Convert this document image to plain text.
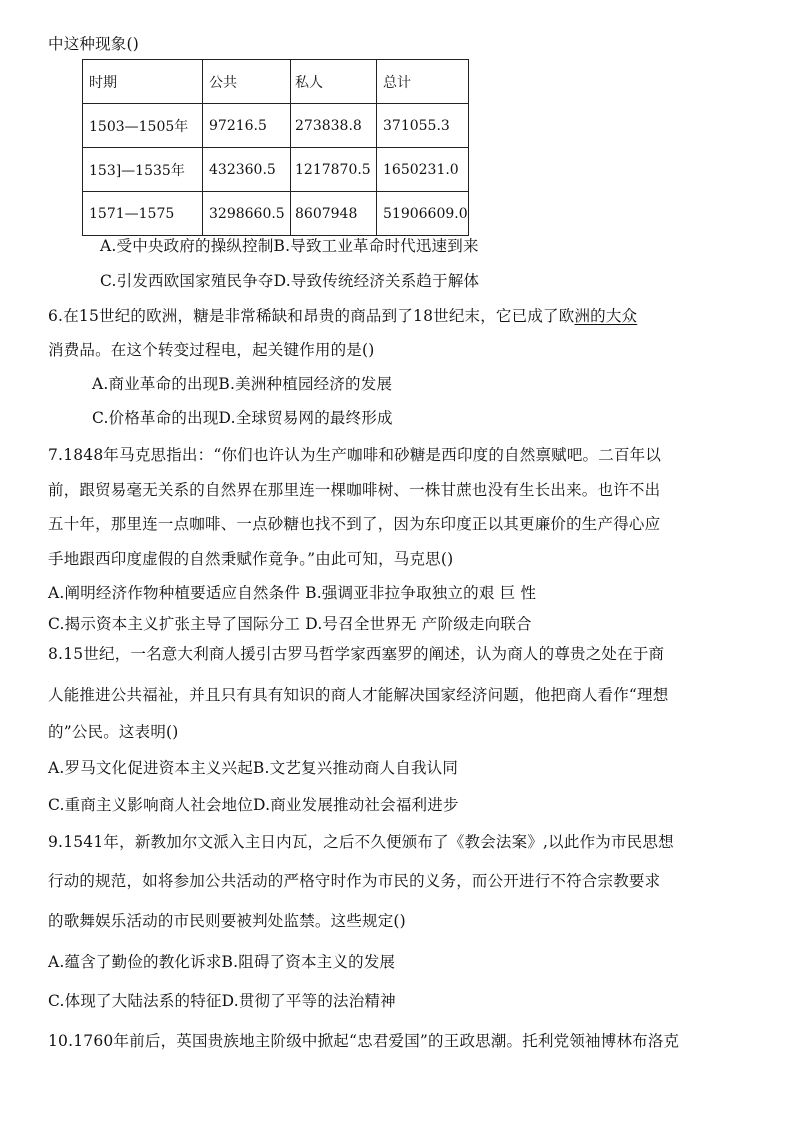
中这种现象()
时期	公共	私人	总计
1503—1505年	97216.5	273838.8	371055.3
153]—1535年	432360.5	1217870.5	1650231.0
1571—1575	3298660.5	8607948	51906609.0
A.受中央政府的操纵控制B.导致工业革命时代迅速到来
C.引发西欧国家殖民争夺D.导致传统经济关系趋于解体
6.在15世纪的欧洲，糖是非常稀缺和昂贵的商品到了18世纪末，它已成了欧洲的大众
消费品。在这个转变过程电，起关键作用的是()
A.商业革命的出现B.美洲种植园经济的发展
C.价格革命的出现D.全球贸易网的最终形成
7.1848年马克思指出：“你们也许认为生产咖啡和砂糖是西印度的自然禀赋吧。二百年以
前，跟贸易毫无关系的自然界在那里连一棵咖啡树、一株甘蔗也没有生长出来。也许不出
五十年，那里连一点咖啡、一点砂糖也找不到了，因为东印度正以其更廉价的生产得心应
手地跟西印度虚假的自然秉赋作竟争。”由此可知，马克思()
A.阐明经济作物种植要适应自然条件 B.强调亚非拉争取独立的艰 巨 性
C.揭示资本主义扩张主导了国际分工 D.号召全世界无 产阶级走向联合
8.15世纪，一名意大利商人援引古罗马哲学家西塞罗的阐述，认为商人的尊贵之处在于商
人能推进公共福祉，并且只有具有知识的商人才能解决国家经济问题，他把商人看作“理想
的”公民。这表明()
A.罗马文化促进资本主义兴起B.文艺复兴推动商人自我认同
C.重商主义影响商人社会地位D.商业发展推动社会福利进步
9.1541年，新教加尔文派入主日内瓦，之后不久便颁布了《教会法案》,以此作为市民思想
行动的规范，如将参加公共活动的严格守时作为市民的义务，而公开进行不符合宗教要求
的歌舞娱乐活动的市民则要被判处监禁。这些规定()
A.蕴含了勤俭的教化诉求B.阻碍了资本主义的发展
C.体现了大陆法系的特征D.贯彻了平等的法治精神
10.1760年前后，英国贵族地主阶级中掀起“忠君爱国”的王政思潮。托利党领袖博林布洛克
